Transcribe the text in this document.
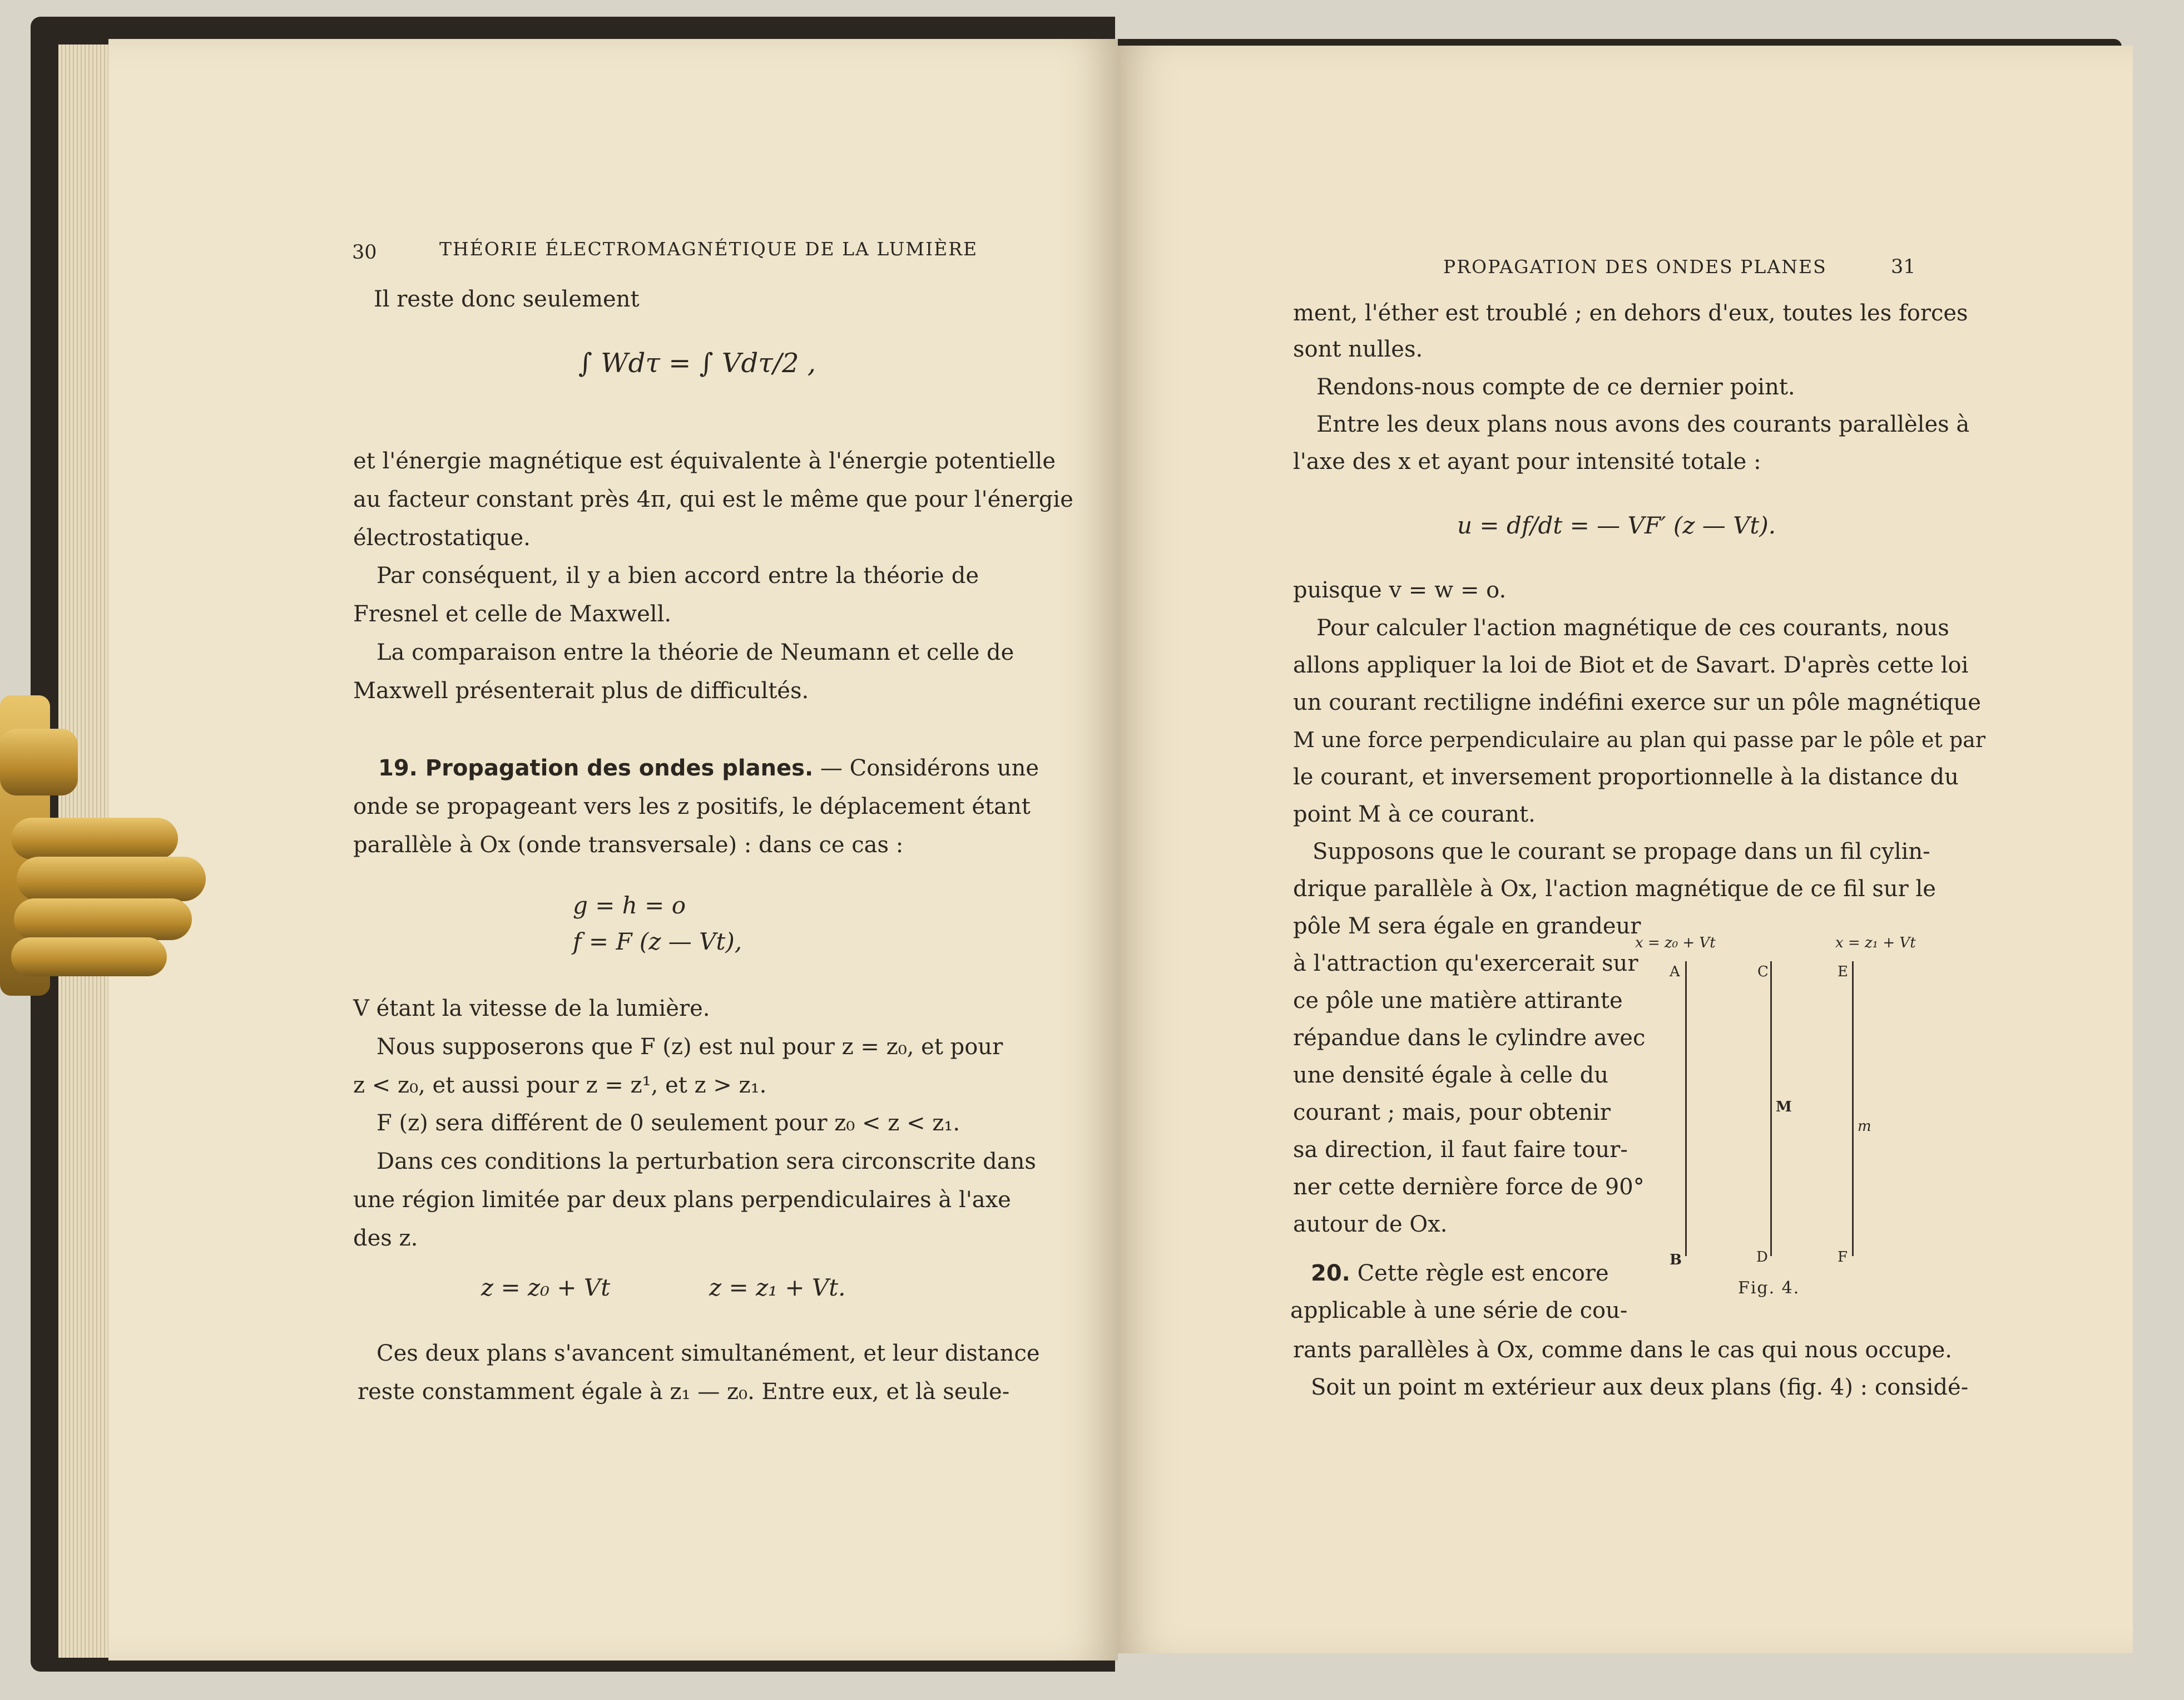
30	THÉORIE ÉLECTROMAGNÉTIQUE DE LA LUMIÈRE
Il reste donc seulement
∫ Wdτ = ∫ Vdτ/2 ,
et l'énergie magnétique est équivalente à l'énergie potentielle
au facteur constant près 4π, qui est le même que pour l'énergie
électrostatique.
Par conséquent, il y a bien accord entre la théorie de
Fresnel et celle de Maxwell.
La comparaison entre la théorie de Neumann et celle de
Maxwell présenterait plus de difficultés.
19. Propagation des ondes planes. — Considérons une
onde se propageant vers les z positifs, le déplacement étant
parallèle à Ox (onde transversale) : dans ce cas :
g = h = o
f = F (z — Vt),
V étant la vitesse de la lumière.
Nous supposerons que F (z) est nul pour z = z₀, et pour
z < z₀, et aussi pour z = z¹, et z > z₁.
F (z) sera différent de 0 seulement pour z₀ < z < z₁.
Dans ces conditions la perturbation sera circonscrite dans
une région limitée par deux plans perpendiculaires à l'axe
des z.
z = z₀ + Vt	z = z₁ + Vt.
Ces deux plans s'avancent simultanément, et leur distance
reste constamment égale à z₁ — z₀. Entre eux, et là seule-
PROPAGATION DES ONDES PLANES	31
ment, l'éther est troublé ; en dehors d'eux, toutes les forces
sont nulles.
Rendons-nous compte de ce dernier point.
Entre les deux plans nous avons des courants parallèles à
l'axe des x et ayant pour intensité totale :
u = df/dt = — VF′ (z — Vt).
puisque v = w = o.
Pour calculer l'action magnétique de ces courants, nous
allons appliquer la loi de Biot et de Savart. D'après cette loi
un courant rectiligne indéfini exerce sur un pôle magnétique
M une force perpendiculaire au plan qui passe par le pôle et par
le courant, et inversement proportionnelle à la distance du
point M à ce courant.
Supposons que le courant se propage dans un fil cylin-
drique parallèle à Ox, l'action magnétique de ce fil sur le
pôle M sera égale en grandeur
à l'attraction qu'exercerait sur
ce pôle une matière attirante
répandue dans le cylindre avec
une densité égale à celle du
courant ; mais, pour obtenir
sa direction, il faut faire tour-
ner cette dernière force de 90°
autour de Ox.
20. Cette règle est encore
applicable à une série de cou-
rants parallèles à Ox, comme dans le cas qui nous occupe.
Soit un point m extérieur aux deux plans (fig. 4) : considé-
x = z₀ + Vt	x = z₁ + Vt
A
B
C
D
M
E
F
m
Fig. 4.
